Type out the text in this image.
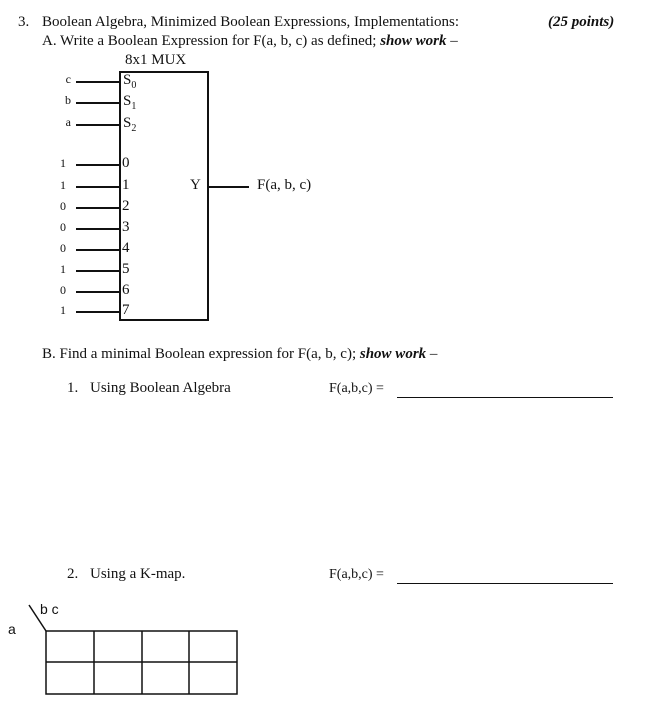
3. Boolean Algebra, Minimized Boolean Expressions, Implementations:	(25 points)
A. Write a Boolean Expression for F(a, b, c) as defined; show work –
8x1 MUX
c	$S_0$
b	$S_1$
a	$S_2$
1	0
1	1
0	2
0	3
0	4
1	5
0	6
1	7
Y	F(a, b, c)
B. Find a minimal Boolean expression for F(a, b, c); show work –
1. Using Boolean Algebra	F(a,b,c) =
2. Using a K-map.	F(a,b,c) =
b c
a
